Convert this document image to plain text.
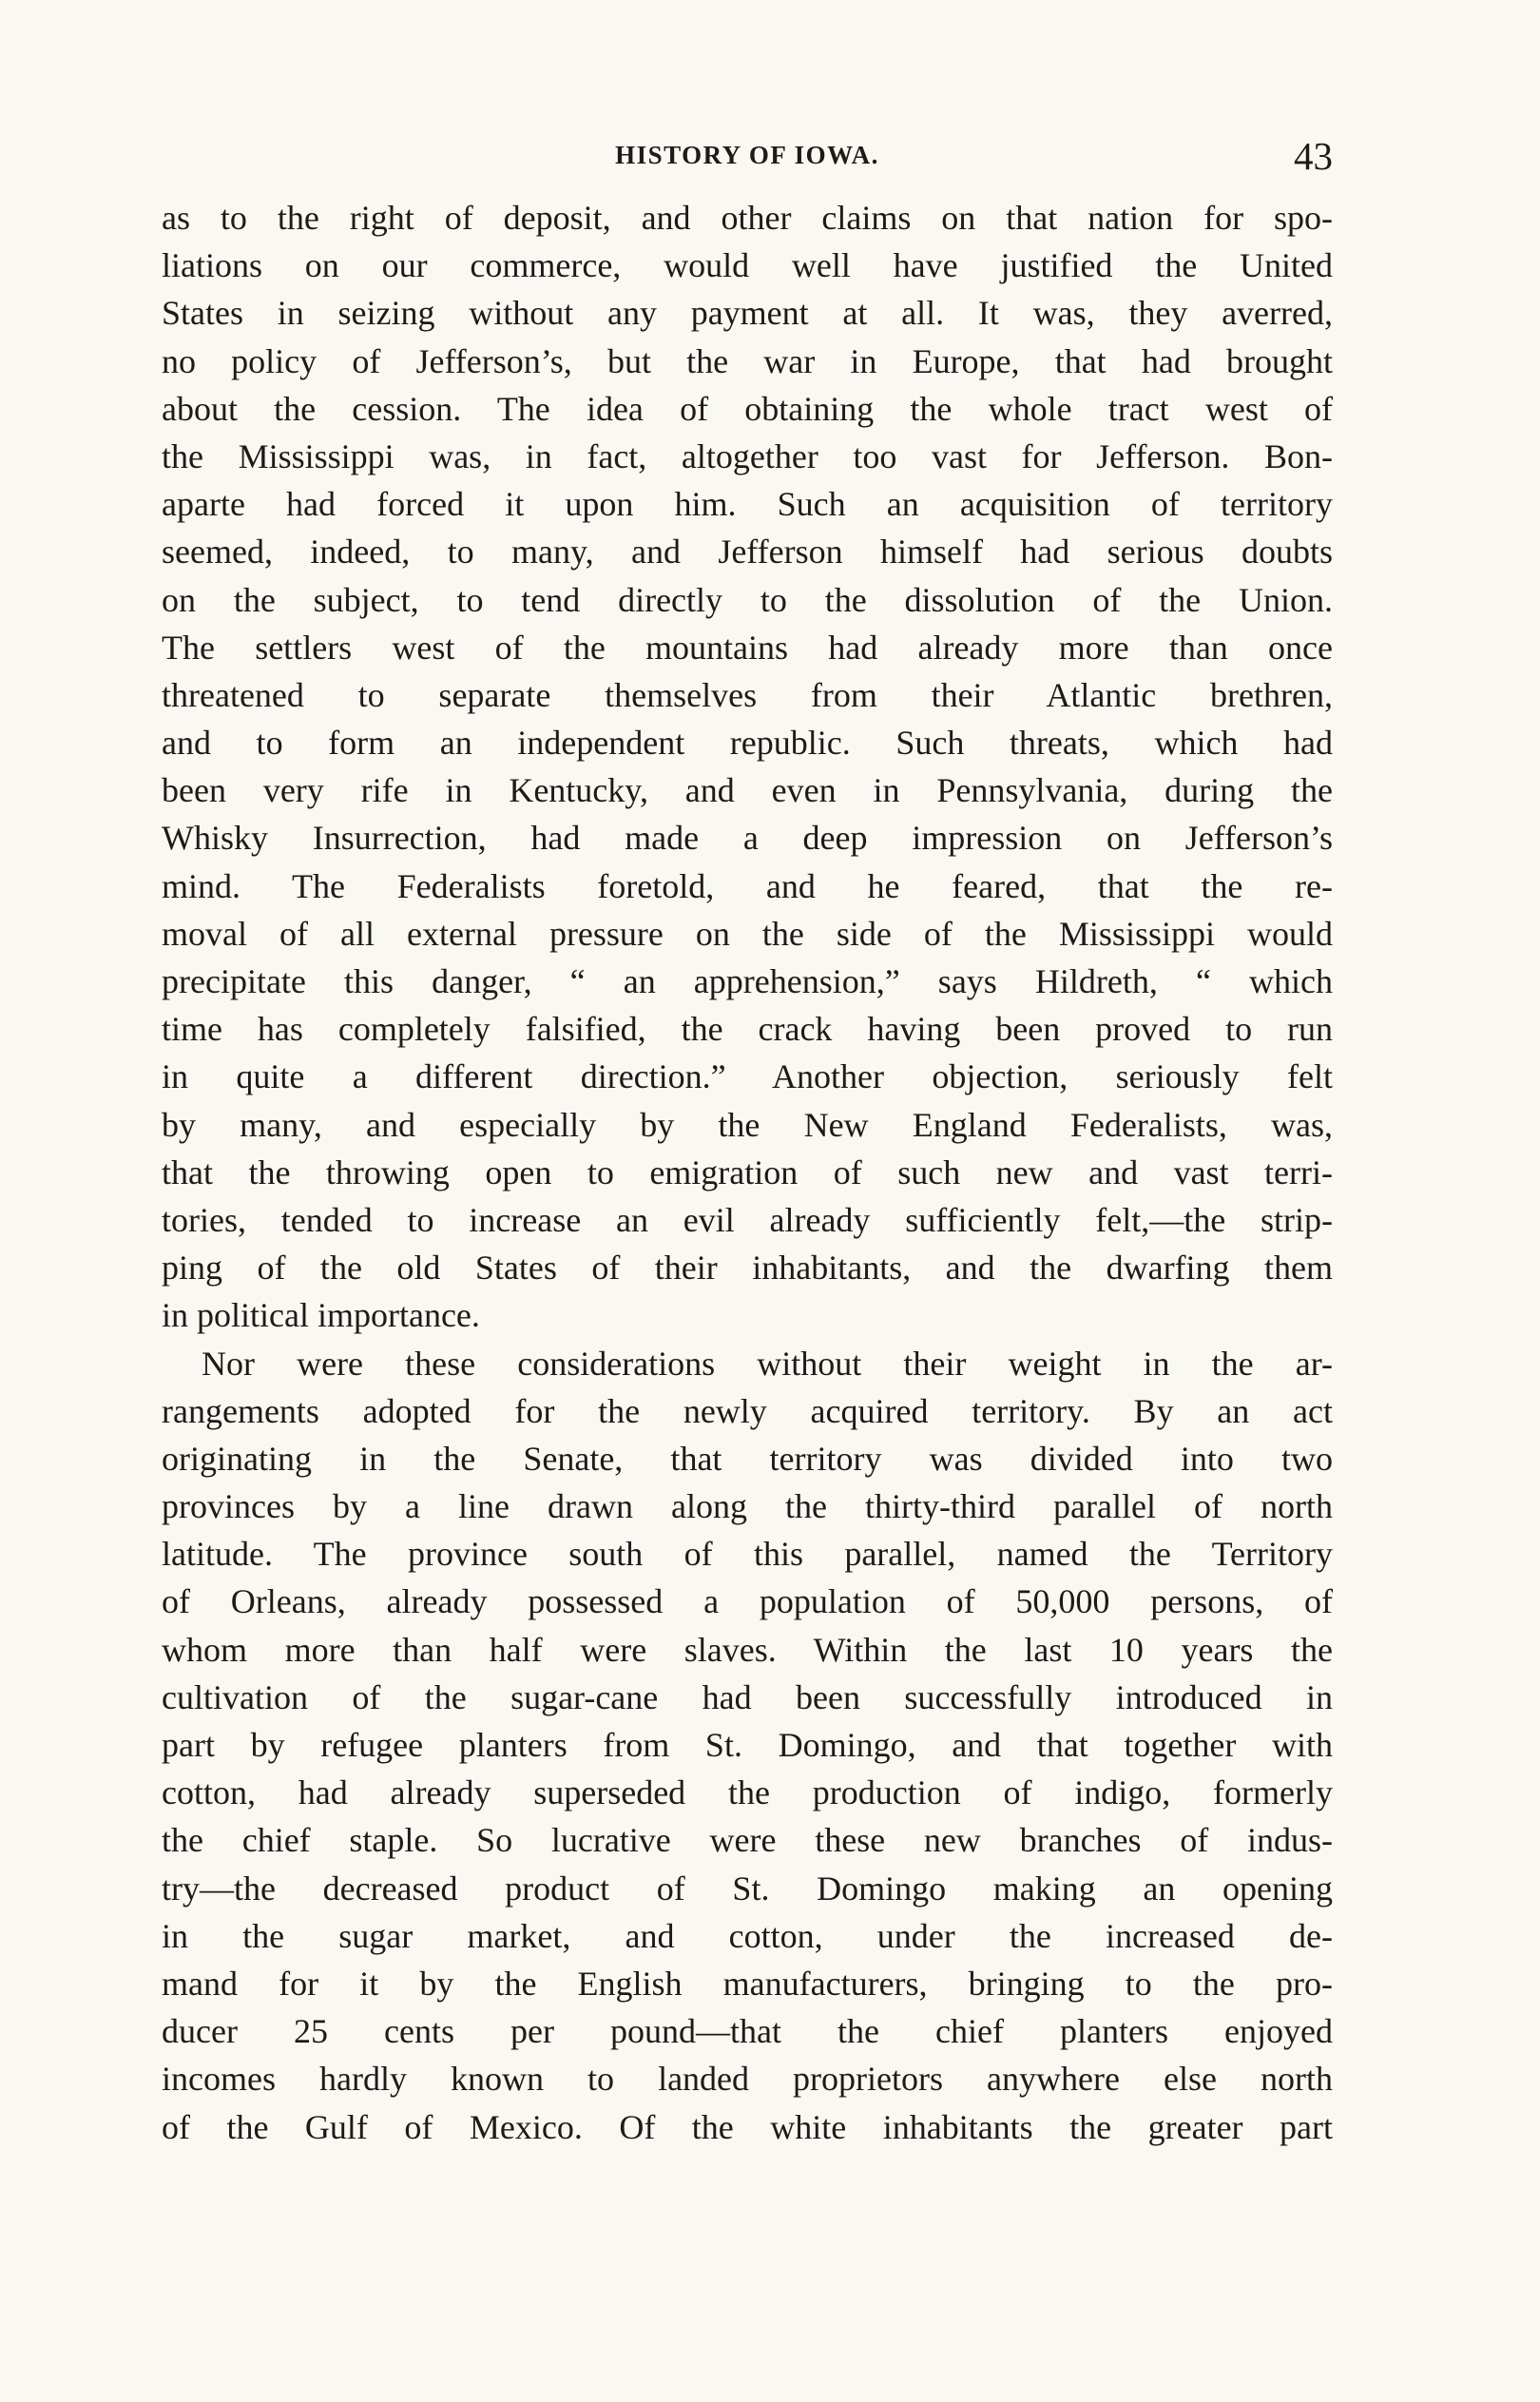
HISTORY OF IOWA.	43
as to the right of deposit, and other claims on that nation for spo-
liations on our commerce, would well have justified the United
States in seizing without any payment at all. It was, they averred,
no policy of Jefferson’s, but the war in Europe, that had brought
about the cession. The idea of obtaining the whole tract west of
the Mississippi was, in fact, altogether too vast for Jefferson. Bon-
aparte had forced it upon him. Such an acquisition of territory
seemed, indeed, to many, and Jefferson himself had serious doubts
on the subject, to tend directly to the dissolution of the Union.
The settlers west of the mountains had already more than once
threatened to separate themselves from their Atlantic brethren,
and to form an independent republic. Such threats, which had
been very rife in Kentucky, and even in Pennsylvania, during the
Whisky Insurrection, had made a deep impression on Jefferson’s
mind. The Federalists foretold, and he feared, that the re-
moval of all external pressure on the side of the Mississippi would
precipitate this danger, “ an apprehension,” says Hildreth, “ which
time has completely falsified, the crack having been proved to run
in quite a different direction.” Another objection, seriously felt
by many, and especially by the New England Federalists, was,
that the throwing open to emigration of such new and vast terri-
tories, tended to increase an evil already sufficiently felt,—the strip-
ping of the old States of their inhabitants, and the dwarfing them
in political importance.
Nor were these considerations without their weight in the ar-
rangements adopted for the newly acquired territory. By an act
originating in the Senate, that territory was divided into two
provinces by a line drawn along the thirty-third parallel of north
latitude. The province south of this parallel, named the Territory
of Orleans, already possessed a population of 50,000 persons, of
whom more than half were slaves. Within the last 10 years the
cultivation of the sugar-cane had been successfully introduced in
part by refugee planters from St. Domingo, and that together with
cotton, had already superseded the production of indigo, formerly
the chief staple. So lucrative were these new branches of indus-
try—the decreased product of St. Domingo making an opening
in the sugar market, and cotton, under the increased de-
mand for it by the English manufacturers, bringing to the pro-
ducer 25 cents per pound—that the chief planters enjoyed
incomes hardly known to landed proprietors anywhere else north
of the Gulf of Mexico. Of the white inhabitants the greater part
